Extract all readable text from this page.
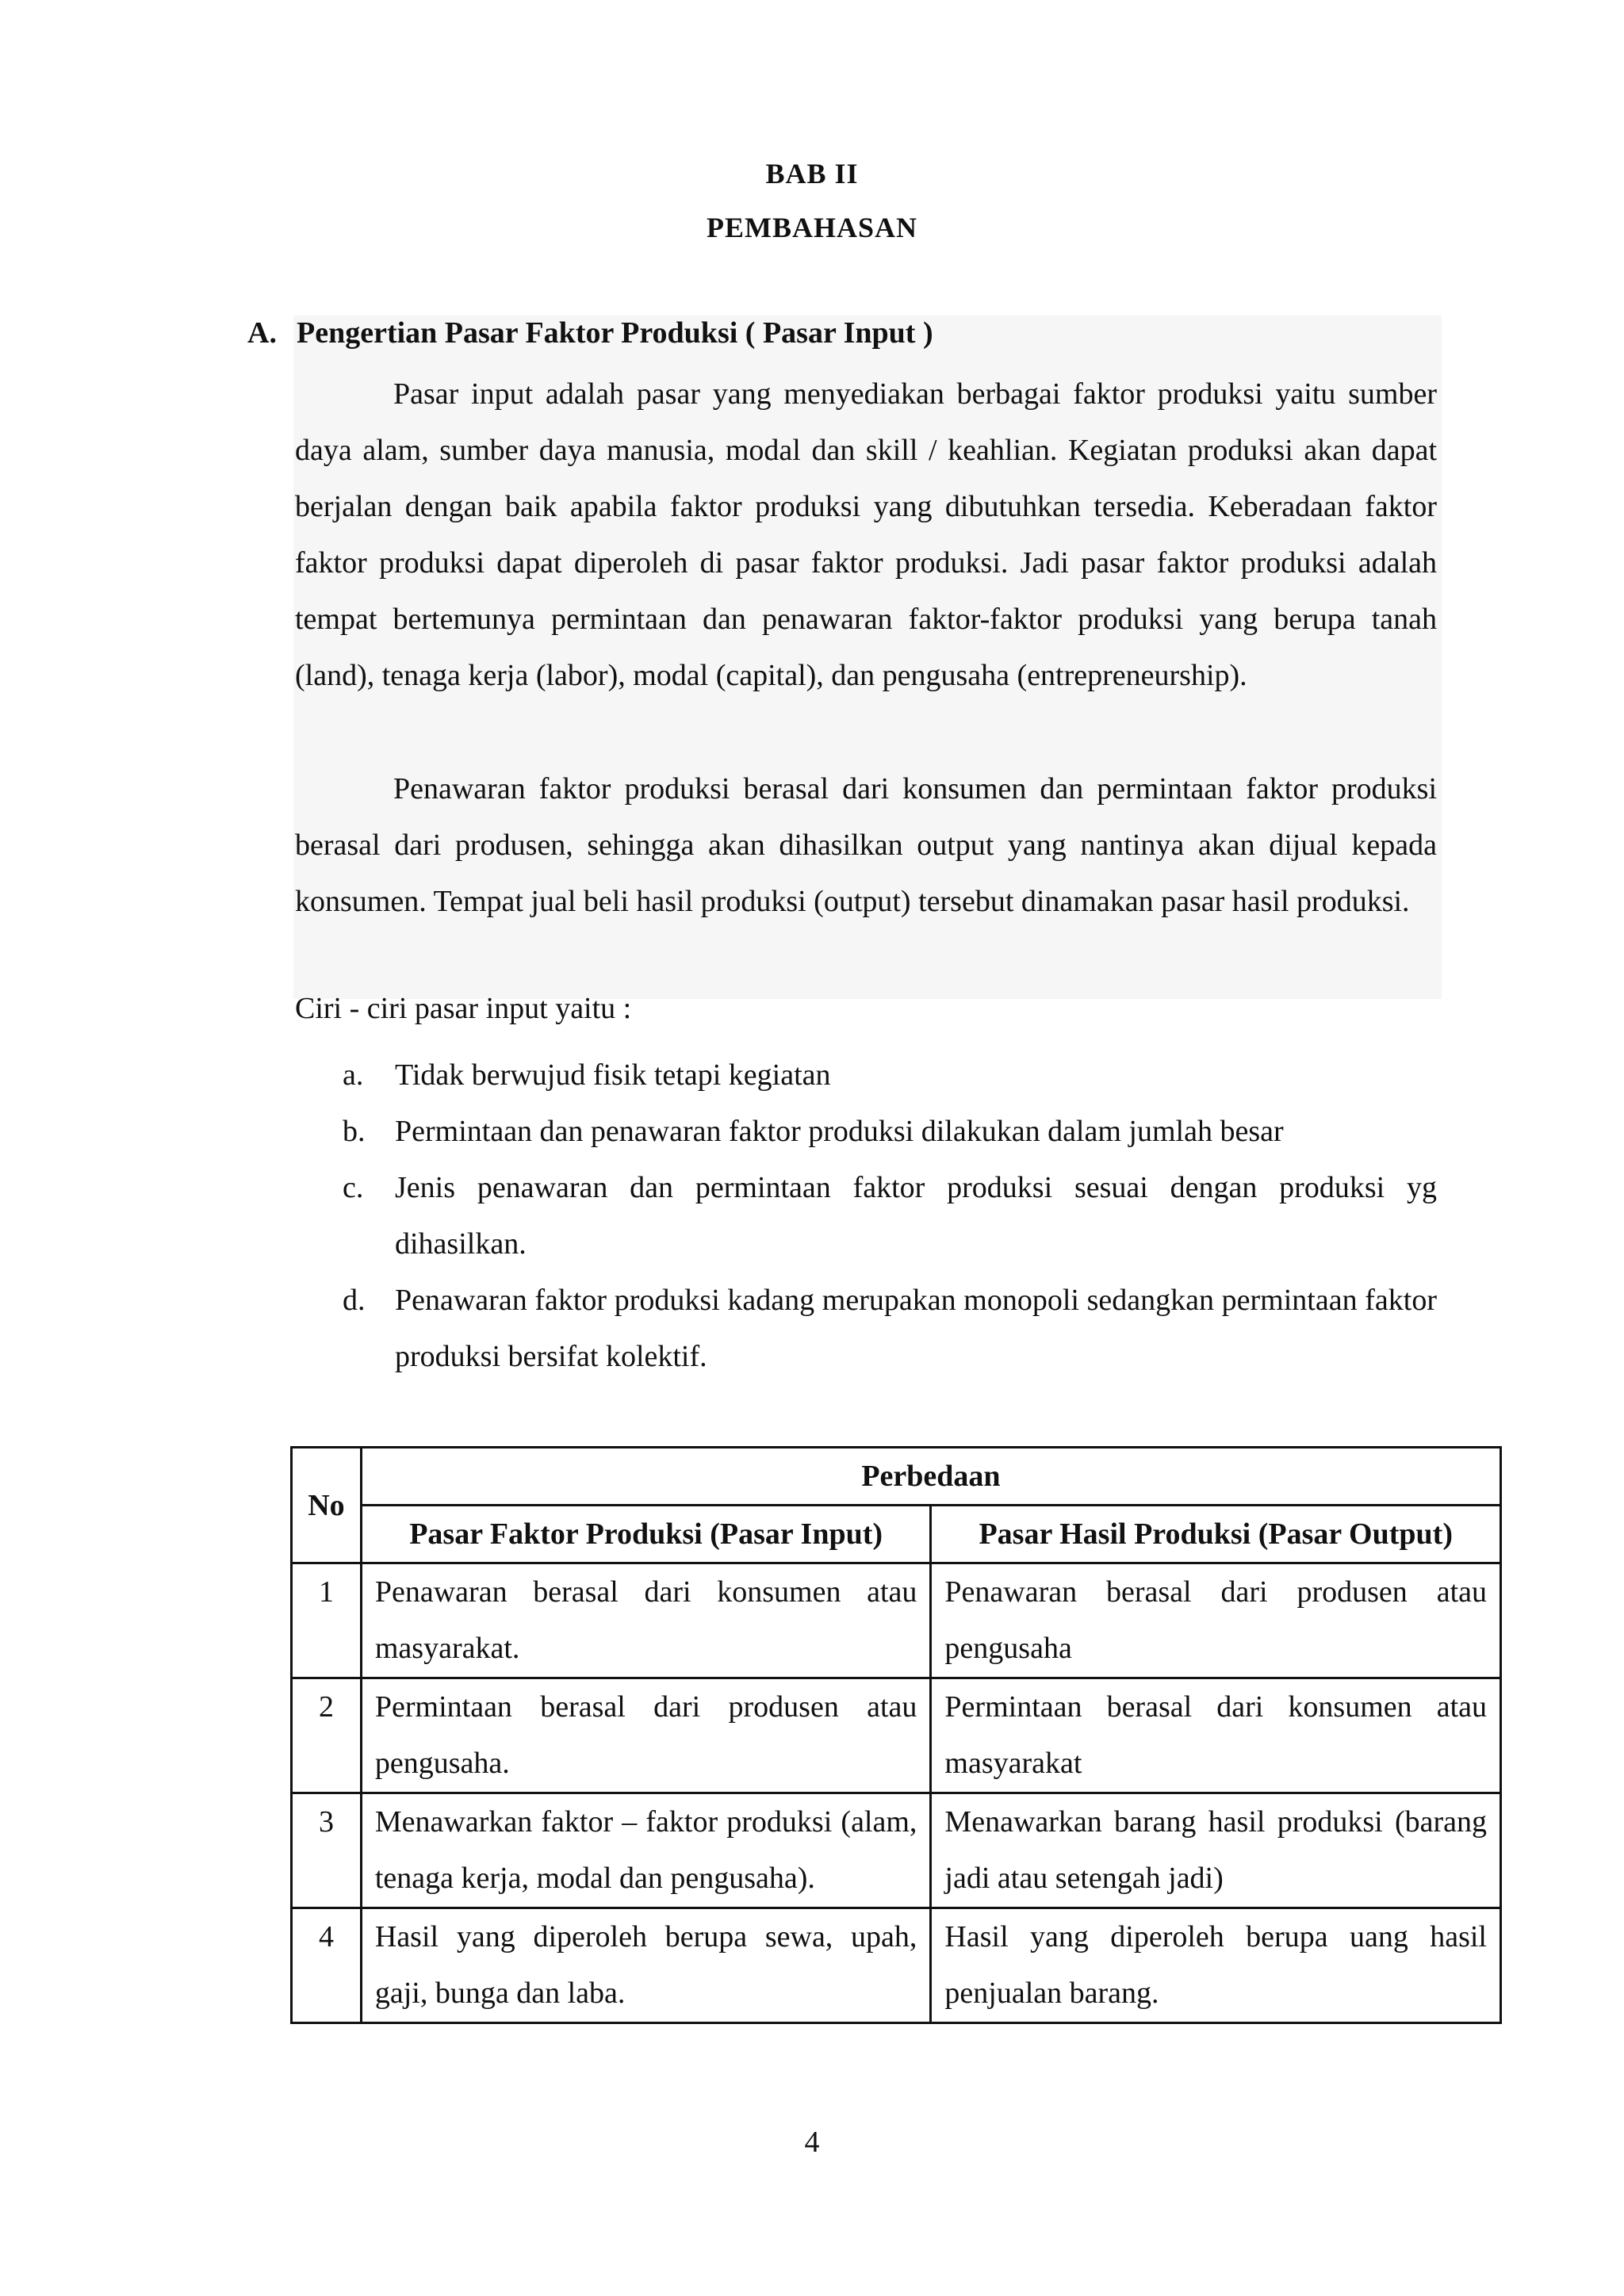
BAB II
PEMBAHASAN
A. Pengertian Pasar Faktor Produksi ( Pasar Input )

Pasar input adalah pasar yang menyediakan berbagai faktor produksi yaitu sumber daya alam, sumber daya manusia, modal dan skill / keahlian. Kegiatan produksi akan dapat berjalan dengan baik apabila faktor produksi yang dibutuhkan tersedia. Keberadaan faktor faktor produksi dapat diperoleh di pasar faktor produksi. Jadi pasar faktor produksi adalah tempat bertemunya permintaan dan penawaran faktor-faktor produksi yang berupa tanah (land), tenaga kerja (labor), modal (capital), dan pengusaha (entrepreneurship).

Penawaran faktor produksi berasal dari konsumen dan permintaan faktor produksi berasal dari produsen, sehingga akan dihasilkan output yang nantinya akan dijual kepada konsumen. Tempat jual beli hasil produksi (output) tersebut dinamakan pasar hasil produksi.

Ciri - ciri pasar input yaitu :
a. Tidak berwujud fisik tetapi kegiatan
b. Permintaan dan penawaran faktor produksi dilakukan dalam jumlah besar
c. Jenis penawaran dan permintaan faktor produksi sesuai dengan produksi yg dihasilkan.
d. Penawaran faktor produksi kadang merupakan monopoli sedangkan permintaan faktor produksi bersifat kolektif.
No	Perbedaan	
	Pasar Faktor Produksi (Pasar Input)	Pasar Hasil Produksi (Pasar Output)
1	Penawaran berasal dari konsumen atau masyarakat.	Penawaran berasal dari produsen atau pengusaha
2	Permintaan berasal dari produsen atau pengusaha.	Permintaan berasal dari konsumen atau masyarakat
3	Menawarkan faktor – faktor produksi (alam, tenaga kerja, modal dan pengusaha).	Menawarkan barang hasil produksi (barang jadi atau setengah jadi)
4	Hasil yang diperoleh berupa sewa, upah, gaji, bunga dan laba.	Hasil yang diperoleh berupa uang hasil penjualan barang.
4
